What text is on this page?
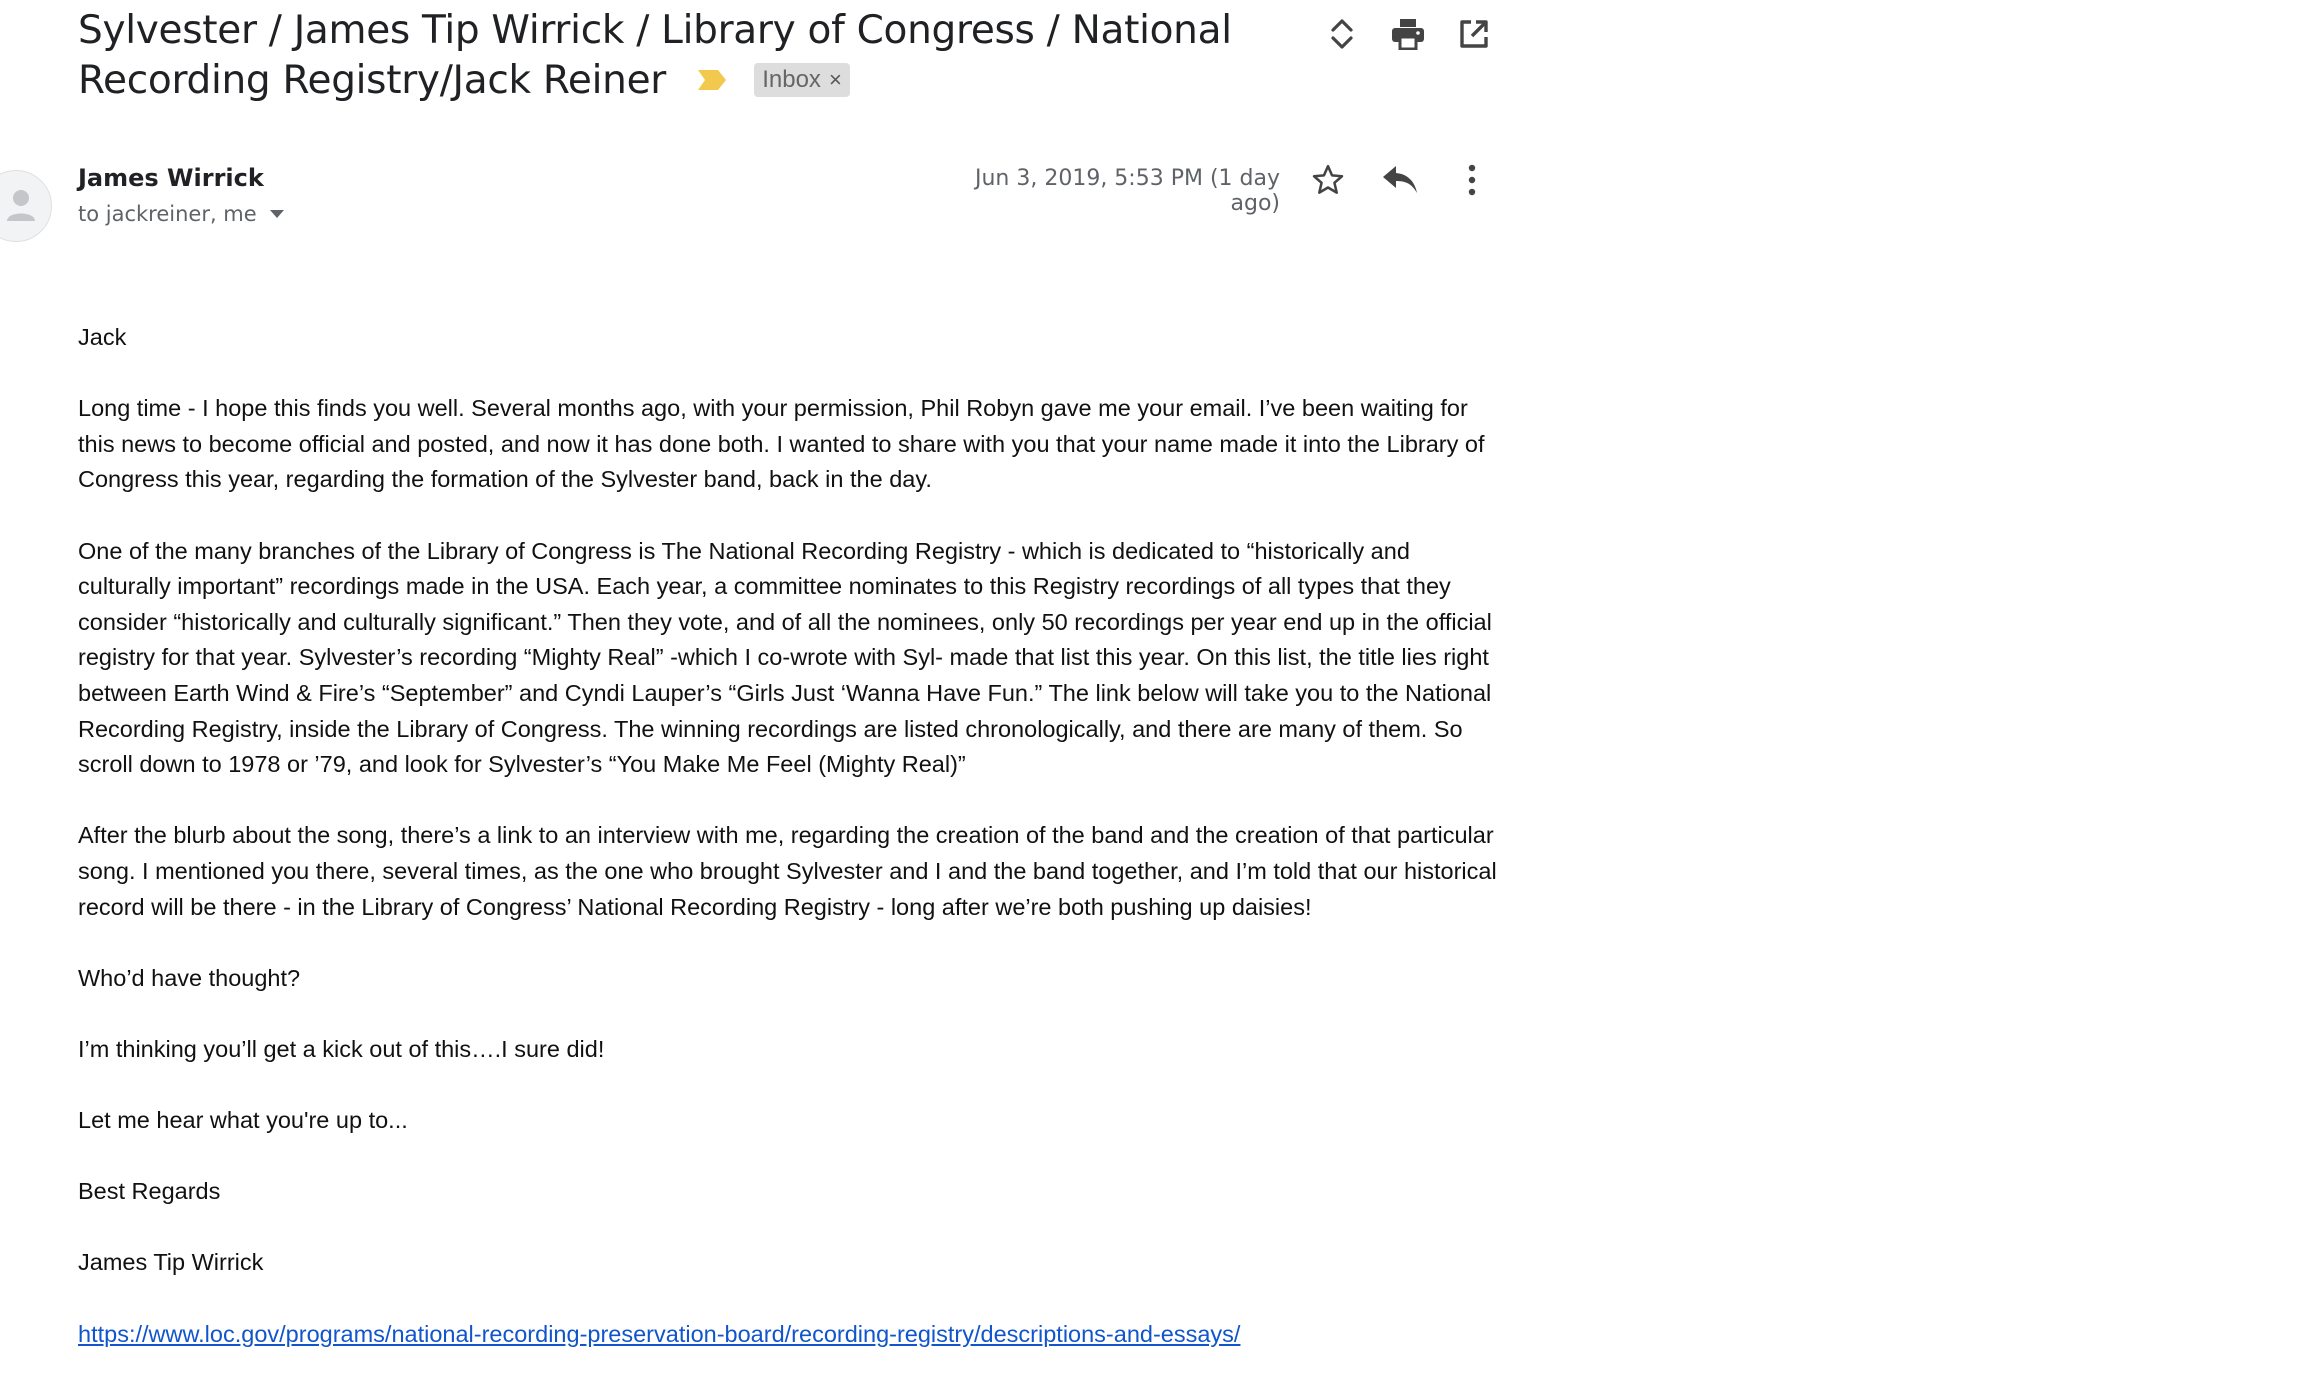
Sylvester / James Tip Wirrick / Library of Congress / National Recording Registry/Jack Reiner	Inbox ×
James Wirrick
to jackreiner, me
Jun 3, 2019, 5:53 PM (1 day ago)

Jack

Long time - I hope this finds you well. Several months ago, with your permission, Phil Robyn gave me your email. I’ve been waiting for this news to become official and posted, and now it has done both. I wanted to share with you that your name made it into the Library of Congress this year, regarding the formation of the Sylvester band, back in the day.

One of the many branches of the Library of Congress is The National Recording Registry - which is dedicated to “historically and culturally important” recordings made in the USA. Each year, a committee nominates to this Registry recordings of all types that they consider “historically and culturally significant.” Then they vote, and of all the nominees, only 50 recordings per year end up in the official registry for that year. Sylvester’s recording “Mighty Real” -which I co-wrote with Syl- made that list this year. On this list, the title lies right between Earth Wind & Fire’s “September” and Cyndi Lauper’s “Girls Just ‘Wanna Have Fun.” The link below will take you to the National Recording Registry, inside the Library of Congress. The winning recordings are listed chronologically, and there are many of them. So scroll down to 1978 or ’79, and look for Sylvester’s “You Make Me Feel (Mighty Real)”

After the blurb about the song, there’s a link to an interview with me, regarding the creation of the band and the creation of that particular song. I mentioned you there, several times, as the one who brought Sylvester and I and the band together, and I’m told that our historical record will be there - in the Library of Congress’ National Recording Registry - long after we’re both pushing up daisies!

Who’d have thought?

I’m thinking you’ll get a kick out of this….I sure did!

Let me hear what you're up to...

Best Regards

James Tip Wirrick

https://www.loc.gov/programs/national-recording-preservation-board/recording-registry/descriptions-and-essays/
